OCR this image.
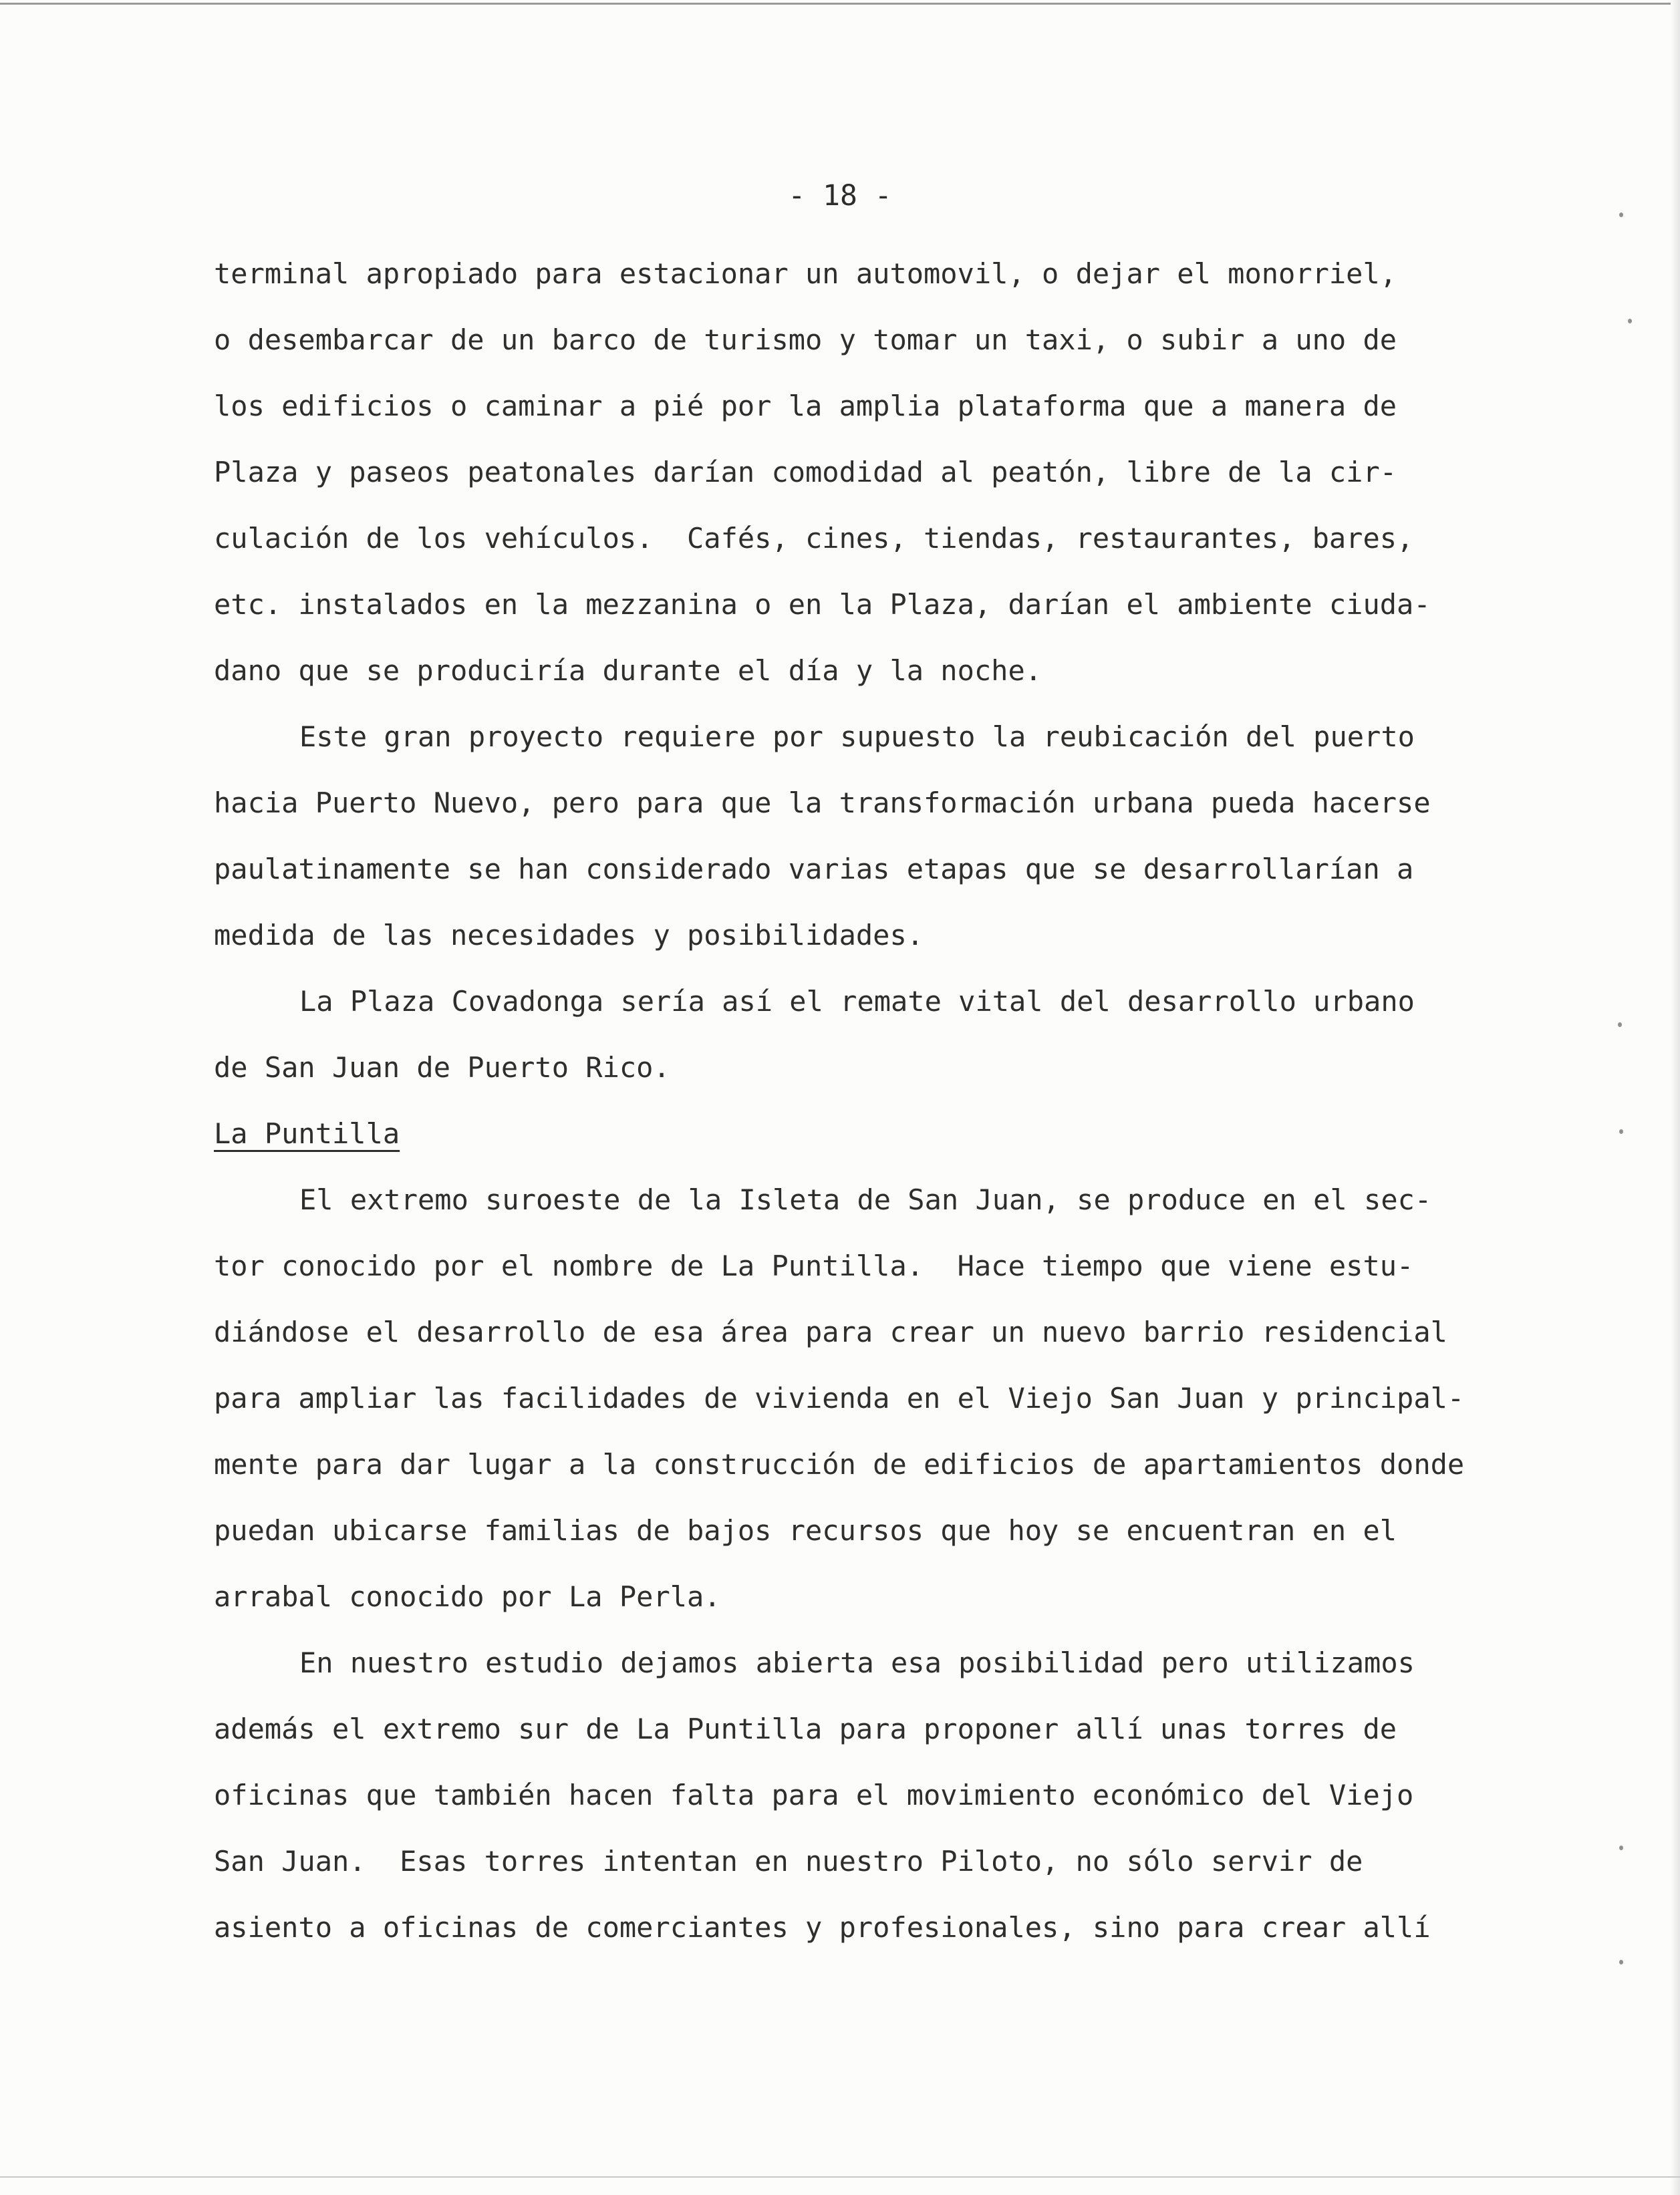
- 18 -
terminal apropiado para estacionar un automovil, o dejar el monorriel,
o desembarcar de un barco de turismo y tomar un taxi, o subir a uno de
los edificios o caminar a pié por la amplia plataforma que a manera de
Plaza y paseos peatonales darían comodidad al peatón, libre de la cir-
culación de los vehículos.  Cafés, cines, tiendas, restaurantes, bares,
etc. instalados en la mezzanina o en la Plaza, darían el ambiente ciuda-
dano que se produciría durante el día y la noche.
Este gran proyecto requiere por supuesto la reubicación del puerto
hacia Puerto Nuevo, pero para que la transformación urbana pueda hacerse
paulatinamente se han considerado varias etapas que se desarrollarían a
medida de las necesidades y posibilidades.
La Plaza Covadonga sería así el remate vital del desarrollo urbano
de San Juan de Puerto Rico.
La Puntilla
El extremo suroeste de la Isleta de San Juan, se produce en el sec-
tor conocido por el nombre de La Puntilla.  Hace tiempo que viene estu-
diándose el desarrollo de esa área para crear un nuevo barrio residencial
para ampliar las facilidades de vivienda en el Viejo San Juan y principal-
mente para dar lugar a la construcción de edificios de apartamientos donde
puedan ubicarse familias de bajos recursos que hoy se encuentran en el
arrabal conocido por La Perla.
En nuestro estudio dejamos abierta esa posibilidad pero utilizamos
además el extremo sur de La Puntilla para proponer allí unas torres de
oficinas que también hacen falta para el movimiento económico del Viejo
San Juan.  Esas torres intentan en nuestro Piloto, no sólo servir de
asiento a oficinas de comerciantes y profesionales, sino para crear allí
